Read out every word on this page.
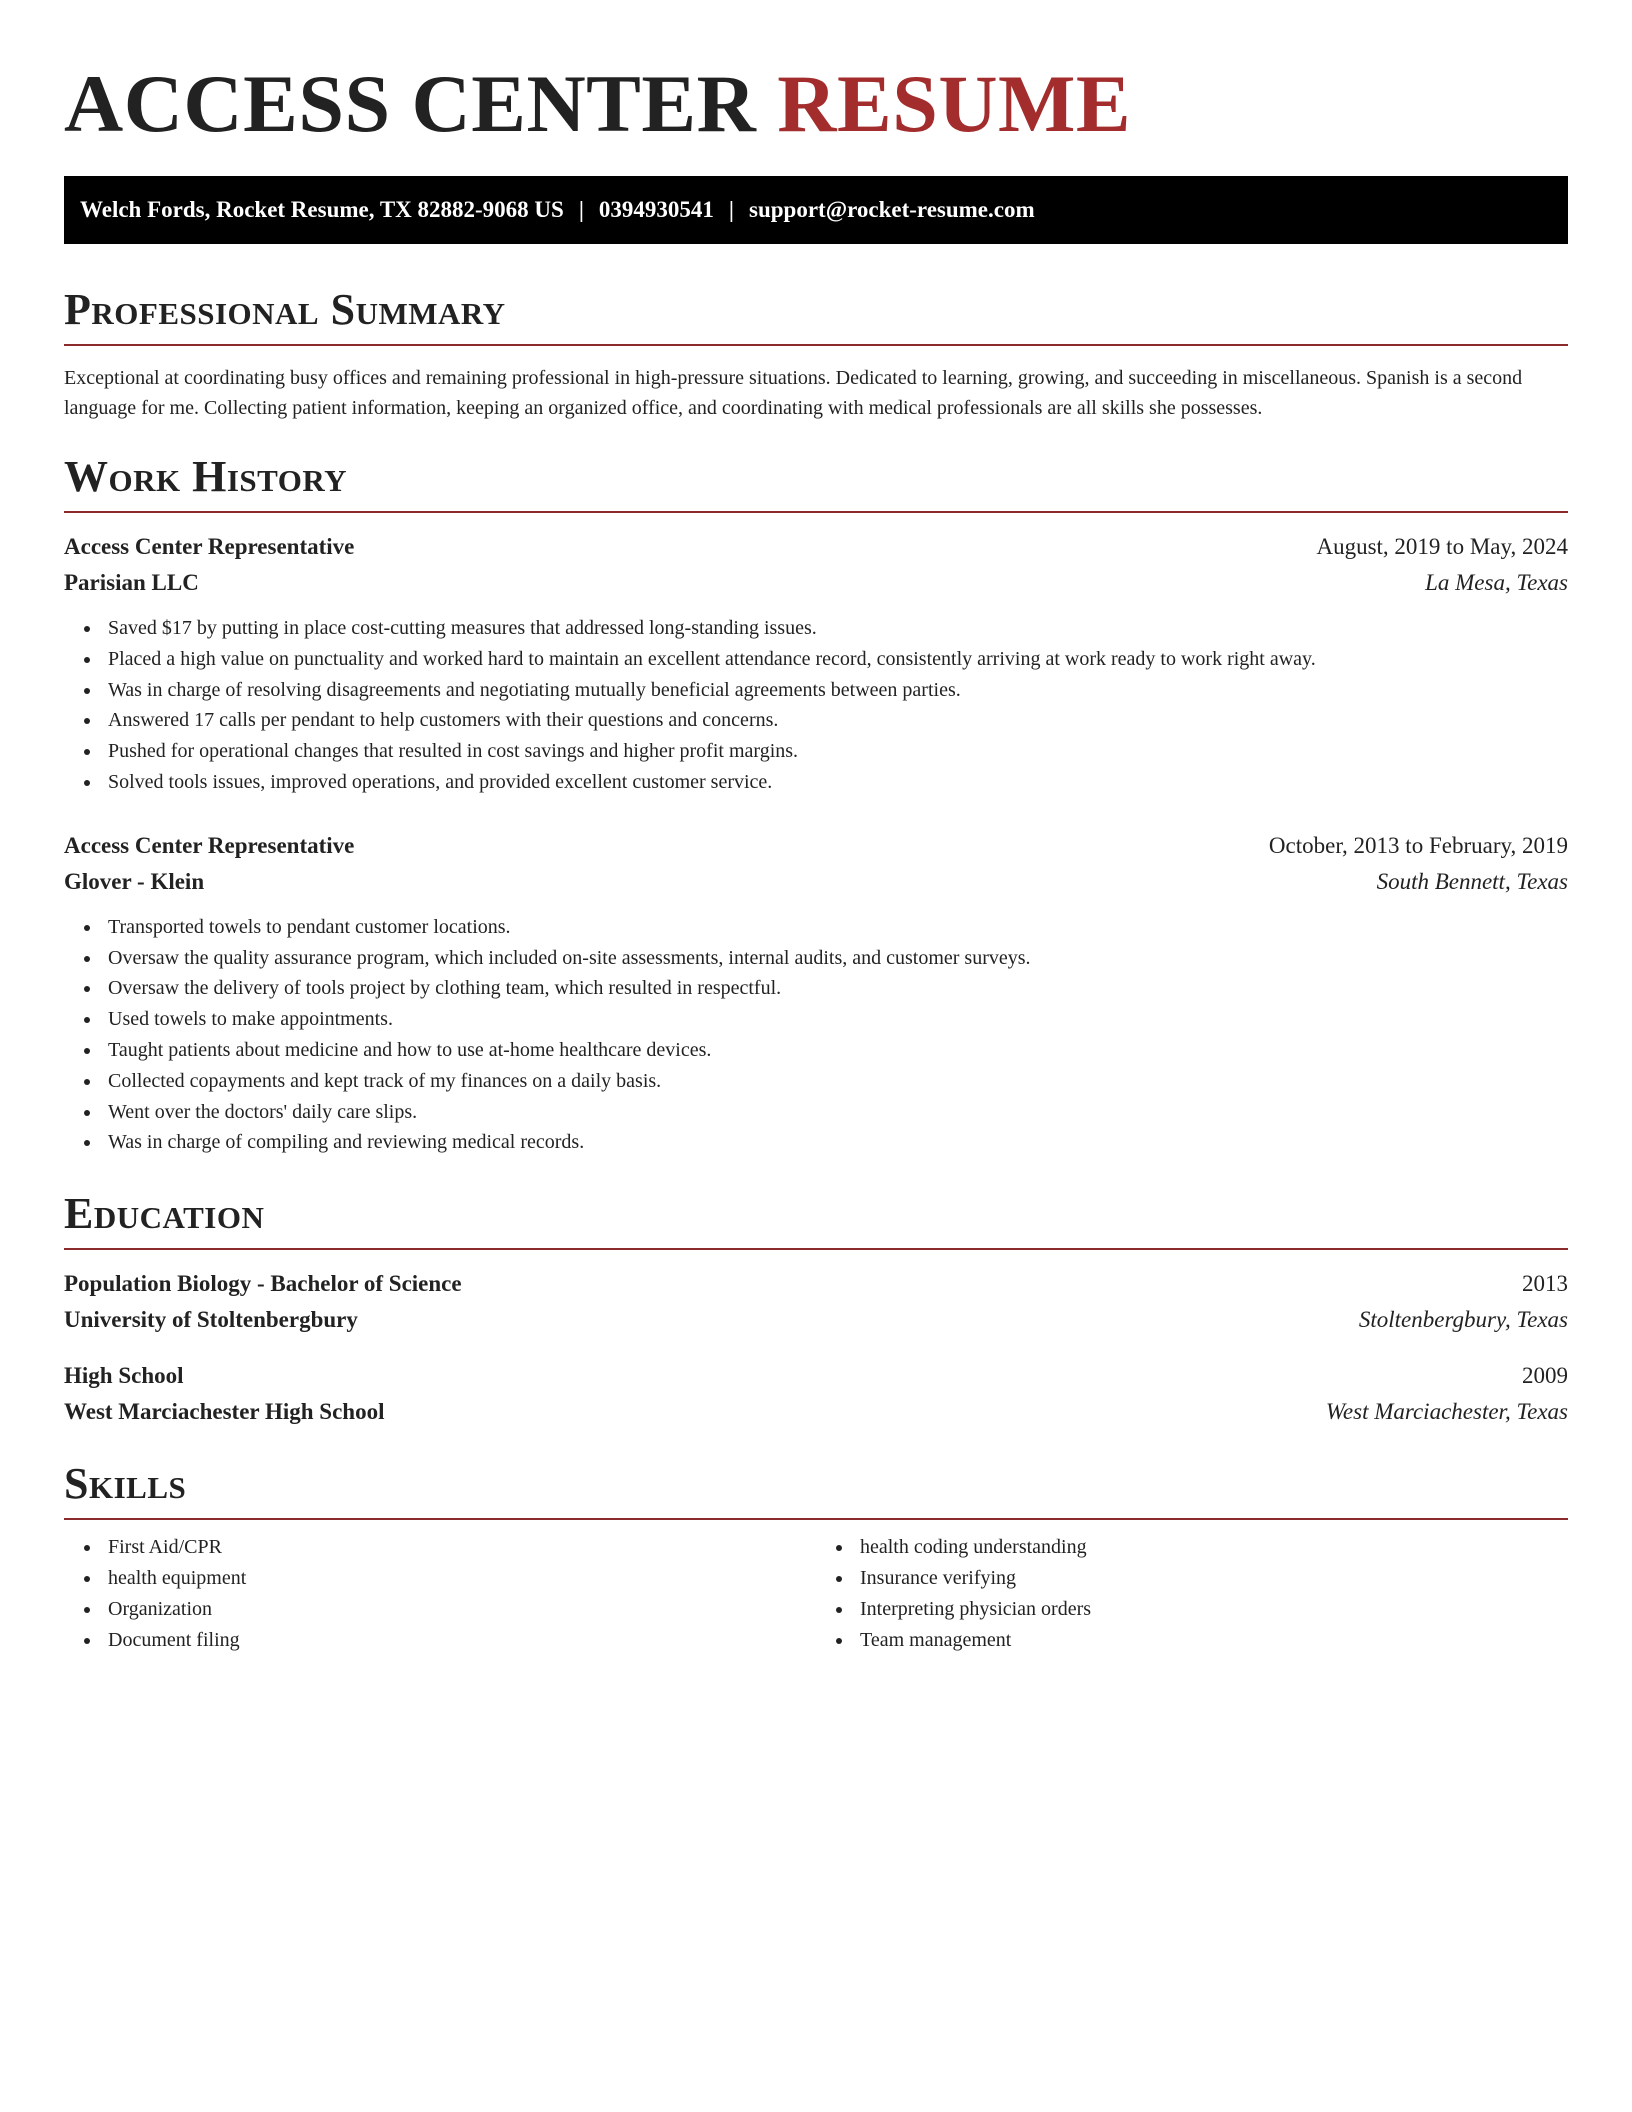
ACCESS CENTER RESUME
Welch Fords, Rocket Resume, TX 82882-9068 US | 0394930541 | support@rocket-resume.com
Professional Summary

Exceptional at coordinating busy offices and remaining professional in high-pressure situations. Dedicated to learning, growing, and succeeding in miscellaneous. Spanish is a second language for me. Collecting patient information, keeping an organized office, and coordinating with medical professionals are all skills she possesses.

Work History
Access Center Representative	August, 2019 to May, 2024
Parisian LLC	La Mesa, Texas
Saved $17 by putting in place cost-cutting measures that addressed long-standing issues.
Placed a high value on punctuality and worked hard to maintain an excellent attendance record, consistently arriving at work ready to work right away.
Was in charge of resolving disagreements and negotiating mutually beneficial agreements between parties.
Answered 17 calls per pendant to help customers with their questions and concerns.
Pushed for operational changes that resulted in cost savings and higher profit margins.
Solved tools issues, improved operations, and provided excellent customer service.
Access Center Representative	October, 2013 to February, 2019
Glover - Klein	South Bennett, Texas
Transported towels to pendant customer locations.
Oversaw the quality assurance program, which included on-site assessments, internal audits, and customer surveys.
Oversaw the delivery of tools project by clothing team, which resulted in respectful.
Used towels to make appointments.
Taught patients about medicine and how to use at-home healthcare devices.
Collected copayments and kept track of my finances on a daily basis.
Went over the doctors' daily care slips.
Was in charge of compiling and reviewing medical records.
Education
Population Biology - Bachelor of Science	2013
University of Stoltenbergbury	Stoltenbergbury, Texas
High School	2009
West Marciachester High School	West Marciachester, Texas
Skills
First Aid/CPR
health equipment
Organization
Document filing
health coding understanding
Insurance verifying
Interpreting physician orders
Team management
